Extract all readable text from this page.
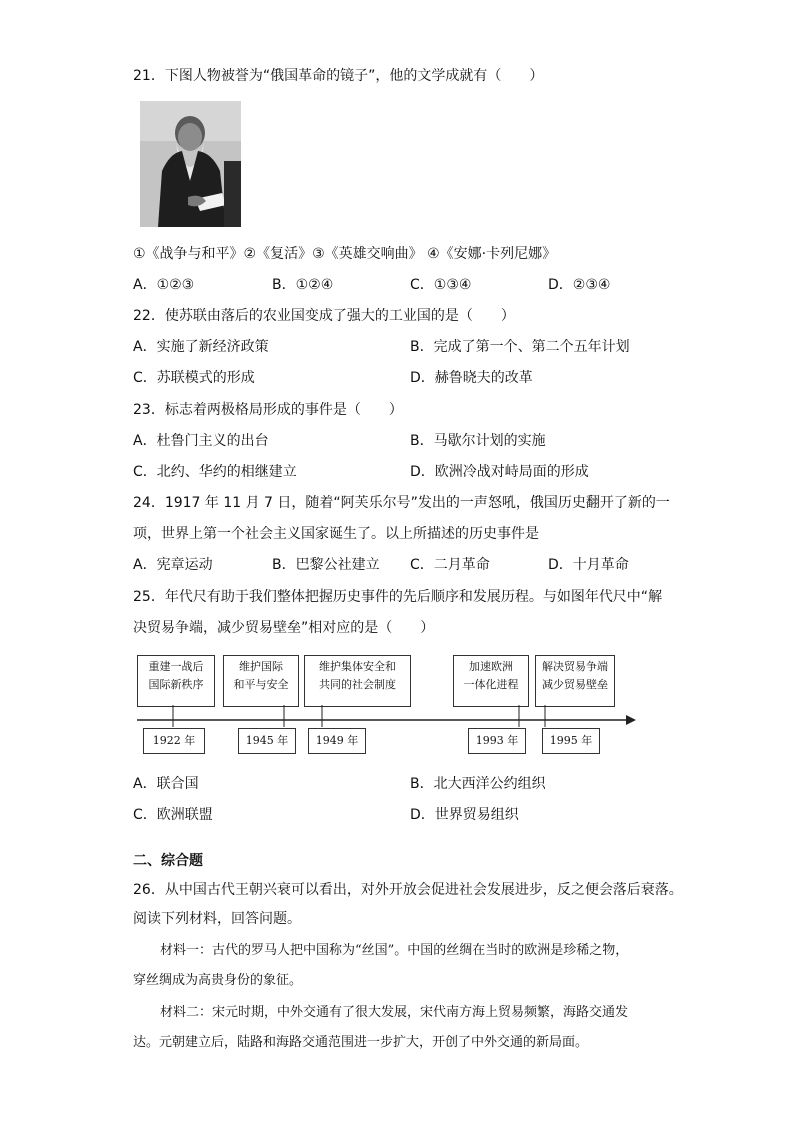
21．下图人物被誉为“俄国革命的镜子”，他的文学成就有（　　）
①《战争与和平》②《复活》③《英雄交响曲》 ④《安娜·卡列尼娜》
A．①②③	B．①②④	C．①③④	D．②③④
22．使苏联由落后的农业国变成了强大的工业国的是（　　）
A．实施了新经济政策	B．完成了第一个、第二个五年计划
C．苏联模式的形成	D．赫鲁晓夫的改革
23．标志着两极格局形成的事件是（　　）
A．杜鲁门主义的出台	B．马歇尔计划的实施
C．北约、华约的相继建立	D．欧洲冷战对峙局面的形成
24．1917 年 11 月 7 日，随着“阿芙乐尔号”发出的一声怒吼，俄国历史翻开了新的一
项，世界上第一个社会主义国家诞生了。以上所描述的历史事件是
A．宪章运动	B．巴黎公社建立 C．二月革命	D．十月革命
25．年代尺有助于我们整体把握历史事件的先后顺序和发展历程。与如图年代尺中“解
决贸易争端，减少贸易壁垒”相对应的是（　　）
重建一战后
国际新秩序
维护国际
和平与安全
维护集体安全和
共同的社会制度
加速欧洲
一体化进程
解决贸易争端
减少贸易壁垒
1922 年	1945 年	1949 年	1993 年	1995 年
A．联合国	B．北大西洋公约组织
C．欧洲联盟	D．世界贸易组织
二、综合题
26．从中国古代王朝兴衰可以看出，对外开放会促进社会发展进步，反之便会落后衰落。
阅读下列材料，回答问题。
材料一：古代的罗马人把中国称为“丝国”。中国的丝绸在当时的欧洲是珍稀之物，
穿丝绸成为高贵身份的象征。
材料二：宋元时期，中外交通有了很大发展，宋代南方海上贸易频繁，海路交通发
达。元朝建立后，陆路和海路交通范围进一步扩大，开创了中外交通的新局面。
